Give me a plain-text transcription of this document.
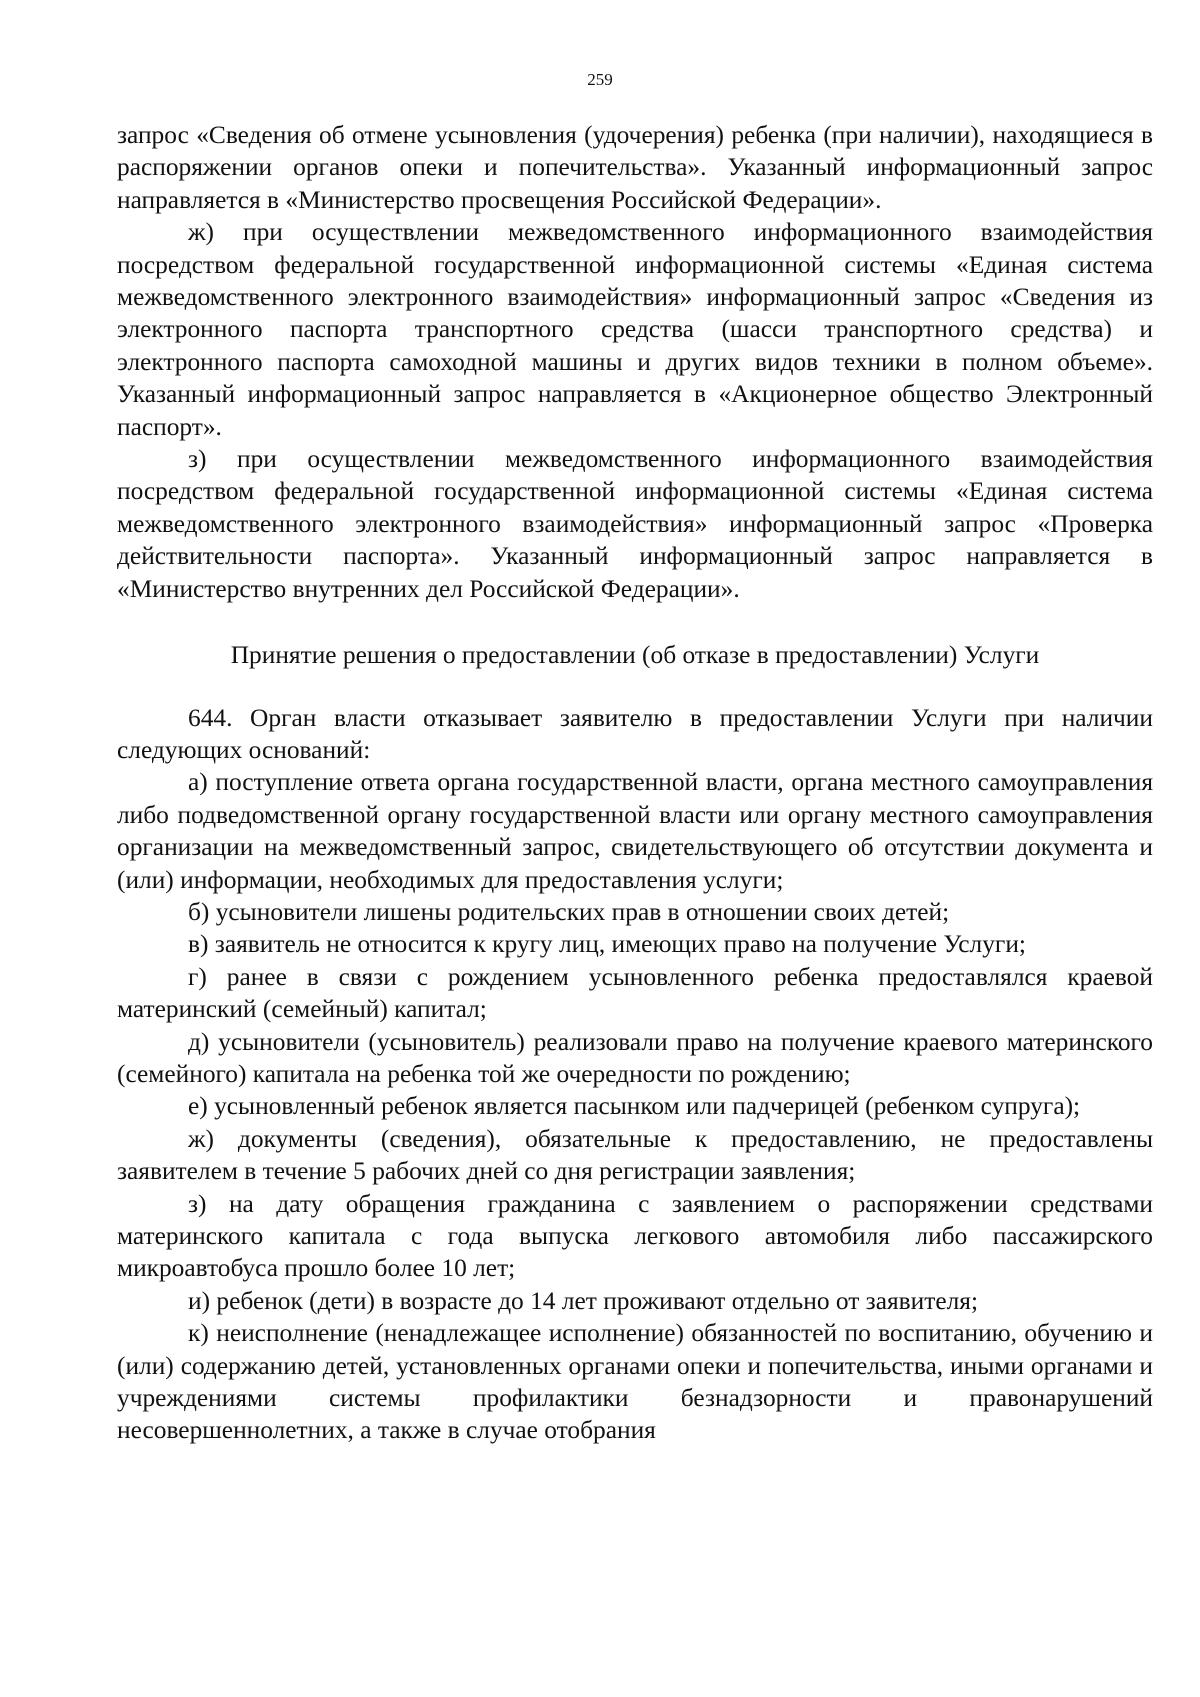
259

запрос «Сведения об отмене усыновления (удочерения) ребенка (при наличии), находящиеся в распоряжении органов опеки и попечительства». Указанный информационный запрос направляется в «Министерство просвещения Российской Федерации».

ж) при осуществлении межведомственного информационного взаимодействия посредством федеральной государственной информационной системы «Единая система межведомственного электронного взаимодействия» информационный запрос «Сведения из электронного паспорта транспортного средства (шасси транспортного средства) и электронного паспорта самоходной машины и других видов техники в полном объеме». Указанный информационный запрос направляется в «Акционерное общество Электронный паспорт».

з) при осуществлении межведомственного информационного взаимодействия посредством федеральной государственной информационной системы «Единая система межведомственного электронного взаимодействия» информационный запрос «Проверка действительности паспорта». Указанный информационный запрос направляется в «Министерство внутренних дел Российской Федерации».

Принятие решения о предоставлении (об отказе в предоставлении) Услуги

644. Орган власти отказывает заявителю в предоставлении Услуги при наличии следующих оснований:

а) поступление ответа органа государственной власти, органа местного самоуправления либо подведомственной органу государственной власти или органу местного самоуправления организации на межведомственный запрос, свидетельствующего об отсутствии документа и (или) информации, необходимых для предоставления услуги;

б) усыновители лишены родительских прав в отношении своих детей;

в) заявитель не относится к кругу лиц, имеющих право на получение Услуги;

г) ранее в связи с рождением усыновленного ребенка предоставлялся краевой материнский (семейный) капитал;

д) усыновители (усыновитель) реализовали право на получение краевого материнского (семейного) капитала на ребенка той же очередности по рождению;

е) усыновленный ребенок является пасынком или падчерицей (ребенком супруга);

ж) документы (сведения), обязательные к предоставлению, не предоставлены заявителем в течение 5 рабочих дней со дня регистрации заявления;

з) на дату обращения гражданина с заявлением о распоряжении средствами материнского капитала с года выпуска легкового автомобиля либо пассажирского микроавтобуса прошло более 10 лет;

и) ребенок (дети) в возрасте до 14 лет проживают отдельно от заявителя;

к) неисполнение (ненадлежащее исполнение) обязанностей по воспитанию, обучению и (или) содержанию детей, установленных органами опеки и попечительства, иными органами и учреждениями системы профилактики безнадзорности и правонарушений несовершеннолетних, а также в случае отобрания
